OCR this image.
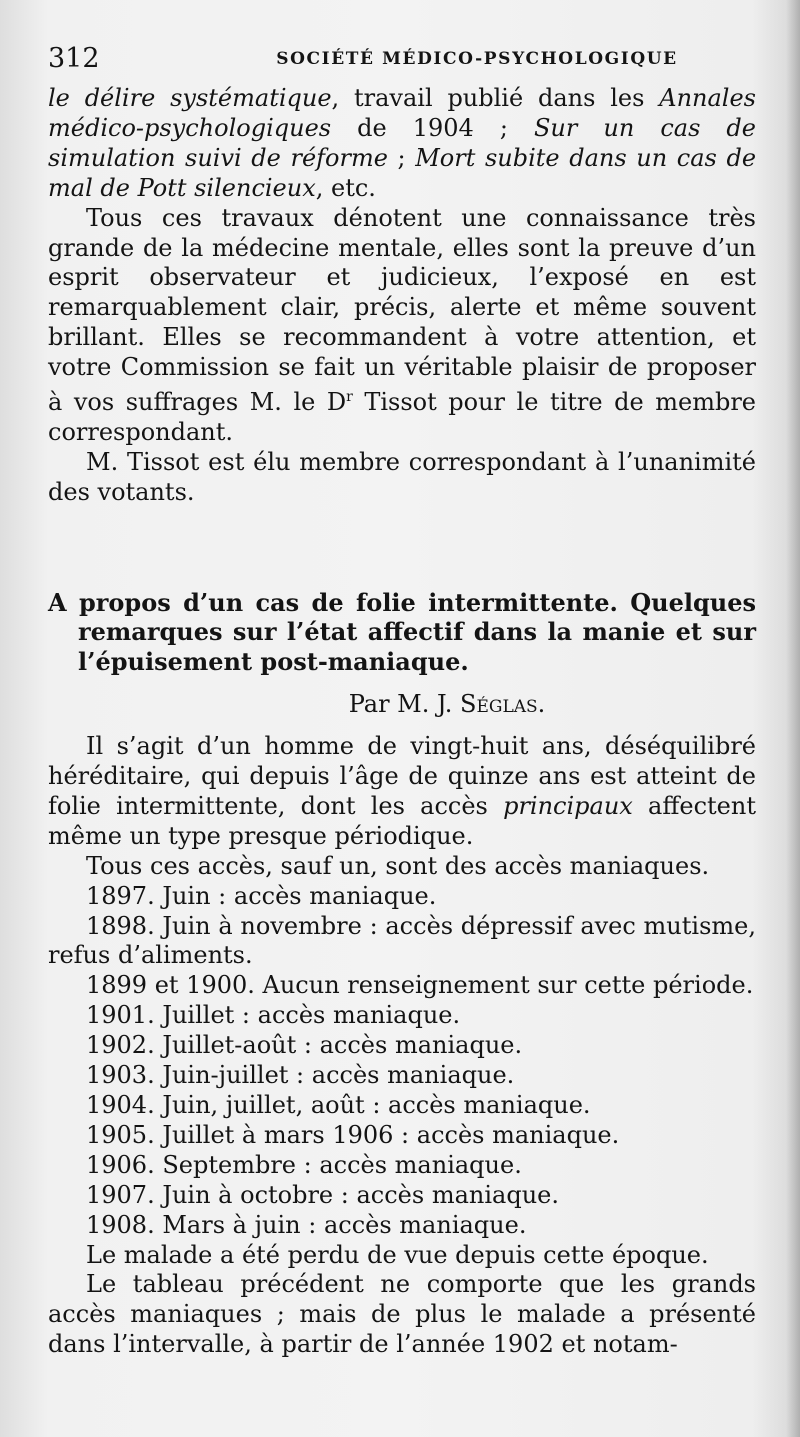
312	SOCIÉTÉ MÉDICO-PSYCHOLOGIQUE

le délire systématique, travail publié dans les Annales médico-psychologiques de 1904 ; Sur un cas de simulation suivi de réforme ; Mort subite dans un cas de mal de Pott silencieux, etc.

Tous ces travaux dénotent une connaissance très grande de la médecine mentale, elles sont la preuve d’un esprit observateur et judicieux, l’exposé en est remarquablement clair, précis, alerte et même souvent brillant. Elles se recommandent à votre attention, et votre Commission se fait un véritable plaisir de proposer à vos suffrages M. le $D^r$ Tissot pour le titre de membre correspondant.

M. Tissot est élu membre correspondant à l’unanimité des votants.

A propos d’un cas de folie intermittente. Quelques remarques sur l’état affectif dans la manie et sur l’épuisement post-maniaque.

Par M. J. Séglas.

Il s’agit d’un homme de vingt-huit ans, déséquilibré héréditaire, qui depuis l’âge de quinze ans est atteint de folie intermittente, dont les accès principaux affectent même un type presque périodique.

Tous ces accès, sauf un, sont des accès maniaques.

1897. Juin : accès maniaque.

1898. Juin à novembre : accès dépressif avec mutisme, refus d’aliments.

1899 et 1900. Aucun renseignement sur cette période.

1901. Juillet : accès maniaque.

1902. Juillet-août : accès maniaque.

1903. Juin-juillet : accès maniaque.

1904. Juin, juillet, août : accès maniaque.

1905. Juillet à mars 1906 : accès maniaque.

1906. Septembre : accès maniaque.

1907. Juin à octobre : accès maniaque.

1908. Mars à juin : accès maniaque.

Le malade a été perdu de vue depuis cette époque.

Le tableau précédent ne comporte que les grands accès maniaques ; mais de plus le malade a présenté dans l’intervalle, à partir de l’année 1902 et notam-
